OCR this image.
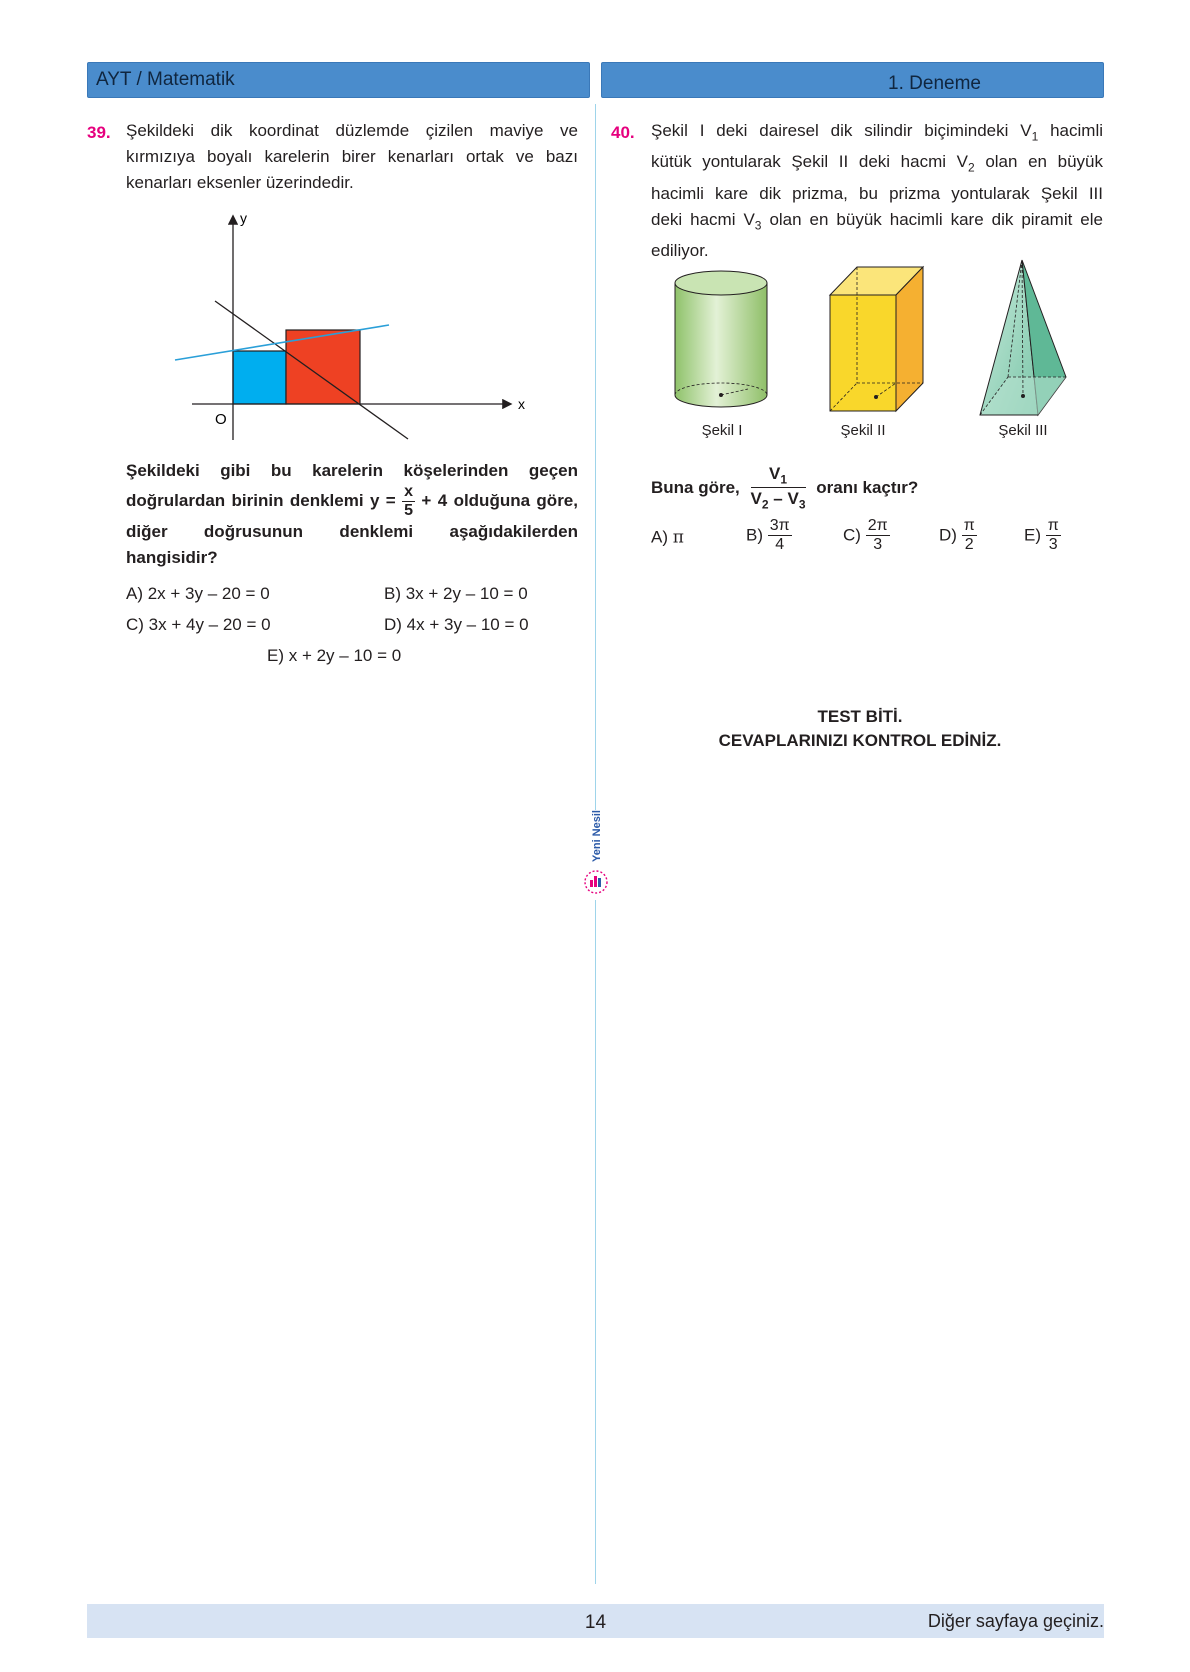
AYT / Matematik	1. Deneme
39. Şekildeki dik koordinat düzlemde çizilen maviye ve kırmızıya boyalı karelerin birer kenarları ortak ve bazı kenarları eksenler üzerindedir.
y
x
O
Şekildeki gibi bu karelerin köşelerinden geçen doğrulardan birinin denklemi $y = \frac{x}{5} + 4$ olduğuna göre, diğer doğrusunun denklemi aşağıdakilerden hangisidir?
A) 2x + 3y – 20 = 0	B) 3x + 2y – 10 = 0
C) 3x + 4y – 20 = 0	D) 4x + 3y – 10 = 0
E) x + 2y – 10 = 0
40. Şekil I deki dairesel dik silindir biçimindeki $V_1$ hacimli
kütük yontularak Şekil II deki hacmi $V_2$ olan en büyük
hacimli kare dik prizma, bu prizma yontularak Şekil III
deki hacmi $V_3$ olan en büyük hacimli kare dik piramit ele
ediliyor.
Şekil I	Şekil II	Şekil III
Buna göre, $\frac{V_1}{V_2 - V_3}$ oranı kaçtır?
A) π	$B) \frac{3\pi}{4}$	$C) \frac{2\pi}{3}$	$D) \frac{\pi}{2}$	$E) \frac{\pi}{3}$
TEST BİTİ.
CEVAPLARINIZI KONTROL EDİNİZ.
Yeni Nesil
14	Diğer sayfaya geçiniz.
